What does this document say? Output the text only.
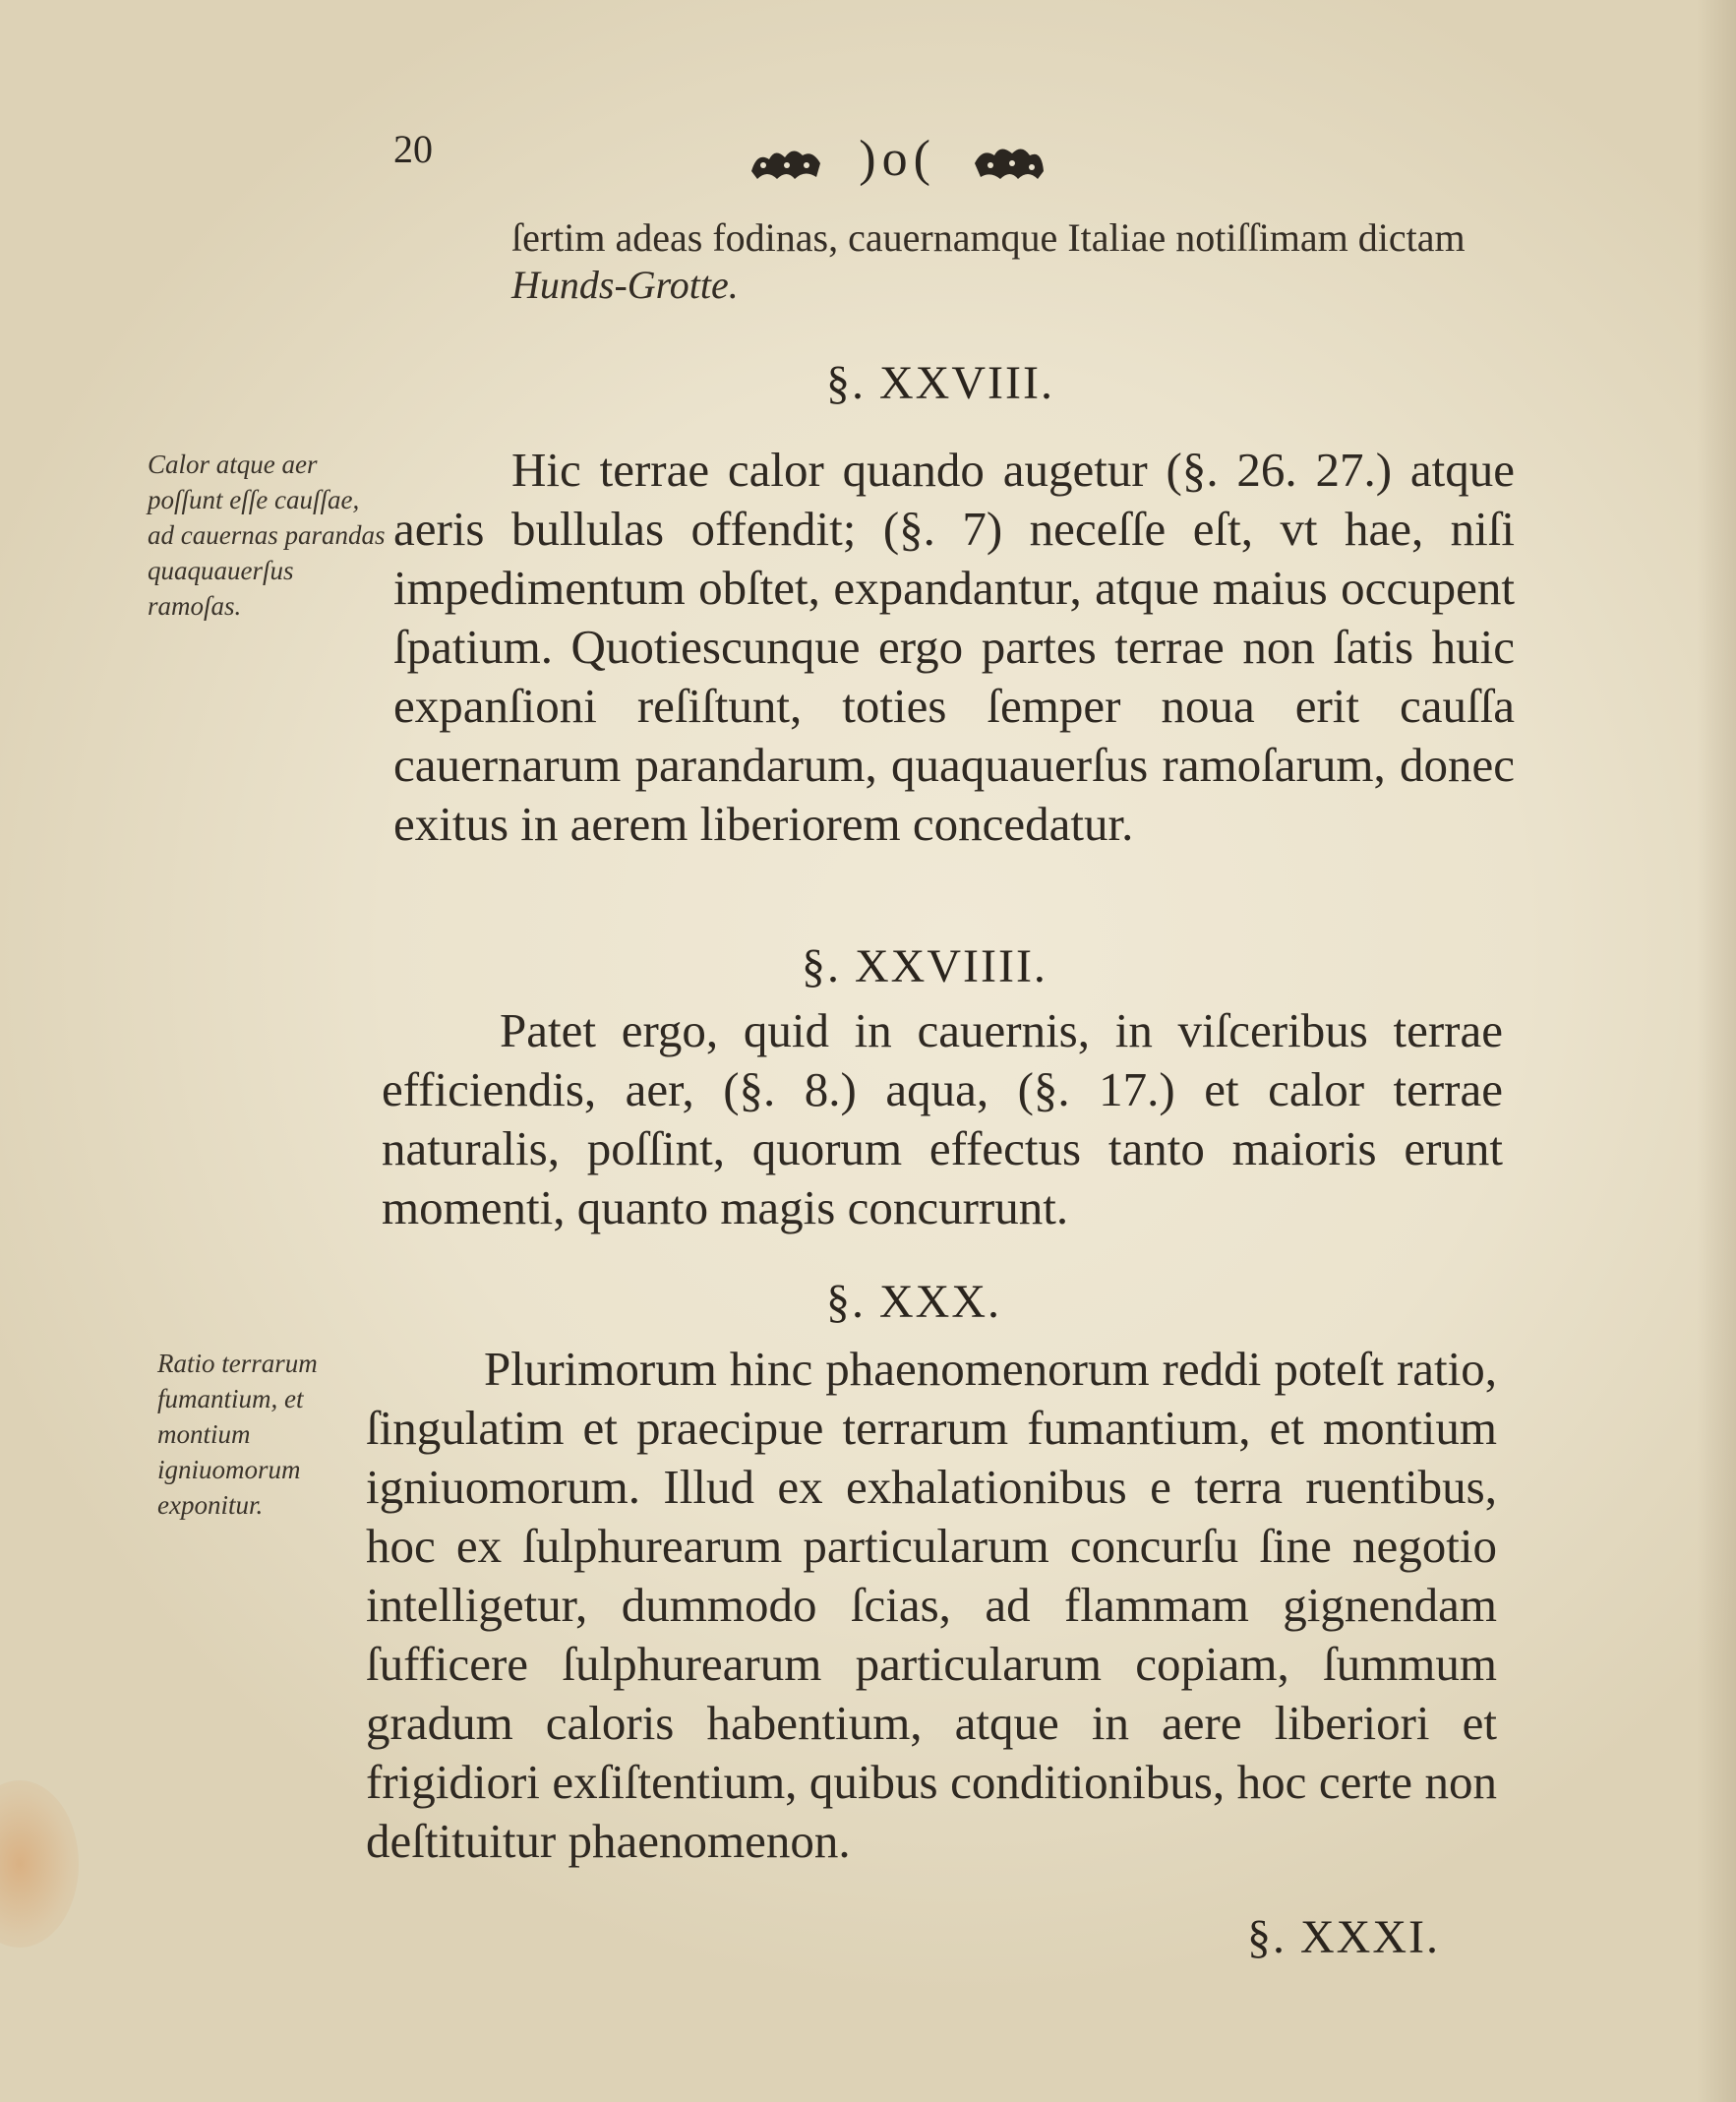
20	)o(
ſertim adeas fodinas, cauernamque Italiae notiſſimam dictam Hunds-Grotte.
§. XXVIII.
Calor atque aer poſſunt eſſe cauſſae, ad cauernas parandas quaquauerſus ramoſas.

Hic terrae calor quando augetur (§. 26. 27.) atque aeris bullulas offendit; (§. 7) neceſſe eſt, vt hae, niſi impedimentum obſtet, expandantur, atque maius occupent ſpatium. Quotiescunque ergo partes terrae non ſatis huic expanſioni reſiſtunt, toties ſemper noua erit cauſſa cauernarum parandarum, quaquauerſus ramoſarum, donec exitus in aerem liberiorem concedatur.

§. XXVIIII.

Patet ergo, quid in cauernis, in viſceribus terrae efficiendis, aer, (§. 8.) aqua, (§. 17.) et calor terrae naturalis, poſſint, quorum effectus tanto maioris erunt momenti, quanto magis concurrunt.

§. XXX.
Ratio terrarum fumantium, et montium igniuomorum exponitur.

Plurimorum hinc phaenomenorum reddi poteſt ratio, ſingulatim et praecipue terrarum fumantium, et montium igniuomorum. Illud ex exhalationibus e terra ruentibus, hoc ex ſulphurearum particularum concurſu ſine negotio intelligetur, dummodo ſcias, ad flammam gignendam ſufficere ſulphurearum particularum copiam, ſummum gradum caloris habentium, atque in aere liberiori et frigidiori exſiſtentium, quibus conditionibus, hoc certe non deſtituitur phaenomenon.

§. XXXI.
